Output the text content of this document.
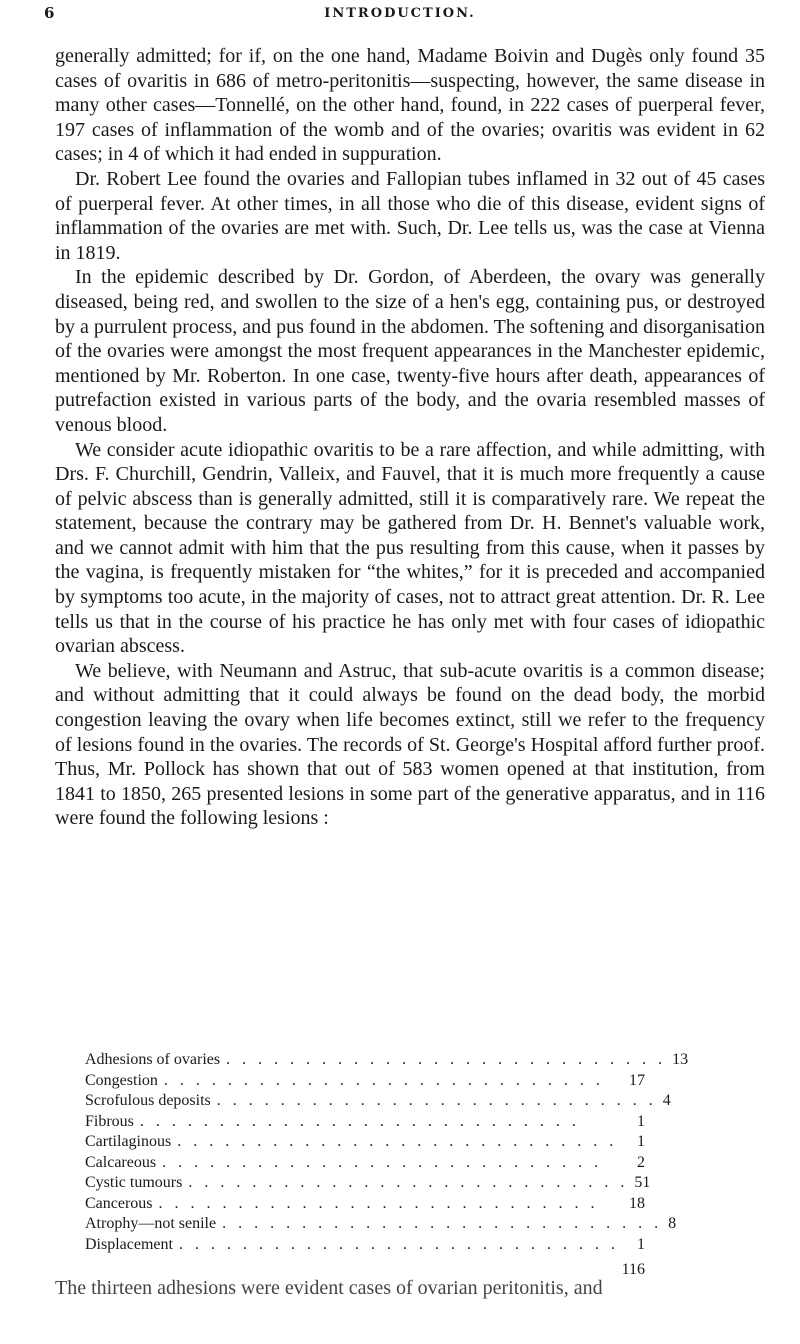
6	INTRODUCTION.

generally admitted; for if, on the one hand, Madame Boivin and Dugès only found 35 cases of ovaritis in 686 of metro-peritonitis—suspecting, however, the same disease in many other cases—Tonnellé, on the other hand, found, in 222 cases of puerperal fever, 197 cases of inflammation of the womb and of the ovaries; ovaritis was evident in 62 cases; in 4 of which it had ended in suppuration.

Dr. Robert Lee found the ovaries and Fallopian tubes inflamed in 32 out of 45 cases of puerperal fever. At other times, in all those who die of this disease, evident signs of inflammation of the ovaries are met with. Such, Dr. Lee tells us, was the case at Vienna in 1819.

In the epidemic described by Dr. Gordon, of Aberdeen, the ovary was generally diseased, being red, and swollen to the size of a hen's egg, containing pus, or destroyed by a purrulent process, and pus found in the abdomen. The softening and disorganisation of the ovaries were amongst the most frequent appearances in the Manchester epidemic, mentioned by Mr. Roberton. In one case, twenty-five hours after death, appearances of putrefaction existed in various parts of the body, and the ovaria resembled masses of venous blood.

We consider acute idiopathic ovaritis to be a rare affection, and while admitting, with Drs. F. Churchill, Gendrin, Valleix, and Fauvel, that it is much more frequently a cause of pelvic abscess than is generally admitted, still it is comparatively rare. We repeat the statement, because the contrary may be gathered from Dr. H. Bennet's valuable work, and we cannot admit with him that the pus resulting from this cause, when it passes by the vagina, is frequently mistaken for “the whites,” for it is preceded and accompanied by symptoms too acute, in the majority of cases, not to attract great attention. Dr. R. Lee tells us that in the course of his practice he has only met with four cases of idiopathic ovarian abscess.

We believe, with Neumann and Astruc, that sub-acute ovaritis is a common disease; and without admitting that it could always be found on the dead body, the morbid congestion leaving the ovary when life becomes extinct, still we refer to the frequency of lesions found in the ovaries. The records of St. George's Hospital afford further proof. Thus, Mr. Pollock has shown that out of 583 women opened at that institution, from 1841 to 1850, 265 presented lesions in some part of the generative apparatus, and in 116 were found the following lesions :

Adhesions of ovaries . . . . . . . . . . . . . . . . . . . . . . . . . . . . 13
Congestion . . . . . . . . . . . . . . . . . . . . . . . . . . . .	17
Scrofulous deposits . . . . . . . . . . . . . . . . . . . . . . . . . . . . 4
Fibrous . . . . . . . . . . . . . . . . . . . . . . . . . . . .	1
Cartilaginous . . . . . . . . . . . . . . . . . . . . . . . . . . . .	1
Calcareous . . . . . . . . . . . . . . . . . . . . . . . . . . . .	2
Cystic tumours . . . . . . . . . . . . . . . . . . . . . . . . . . . . 51
Cancerous . . . . . . . . . . . . . . . . . . . . . . . . . . . .	18
Atrophy—not senile . . . . . . . . . . . . . . . . . . . . . . . . . . . . 8
Displacement . . . . . . . . . . . . . . . . . . . . . . . . . . . .	1
116
The thirteen adhesions were evident cases of ovarian peritonitis, and
